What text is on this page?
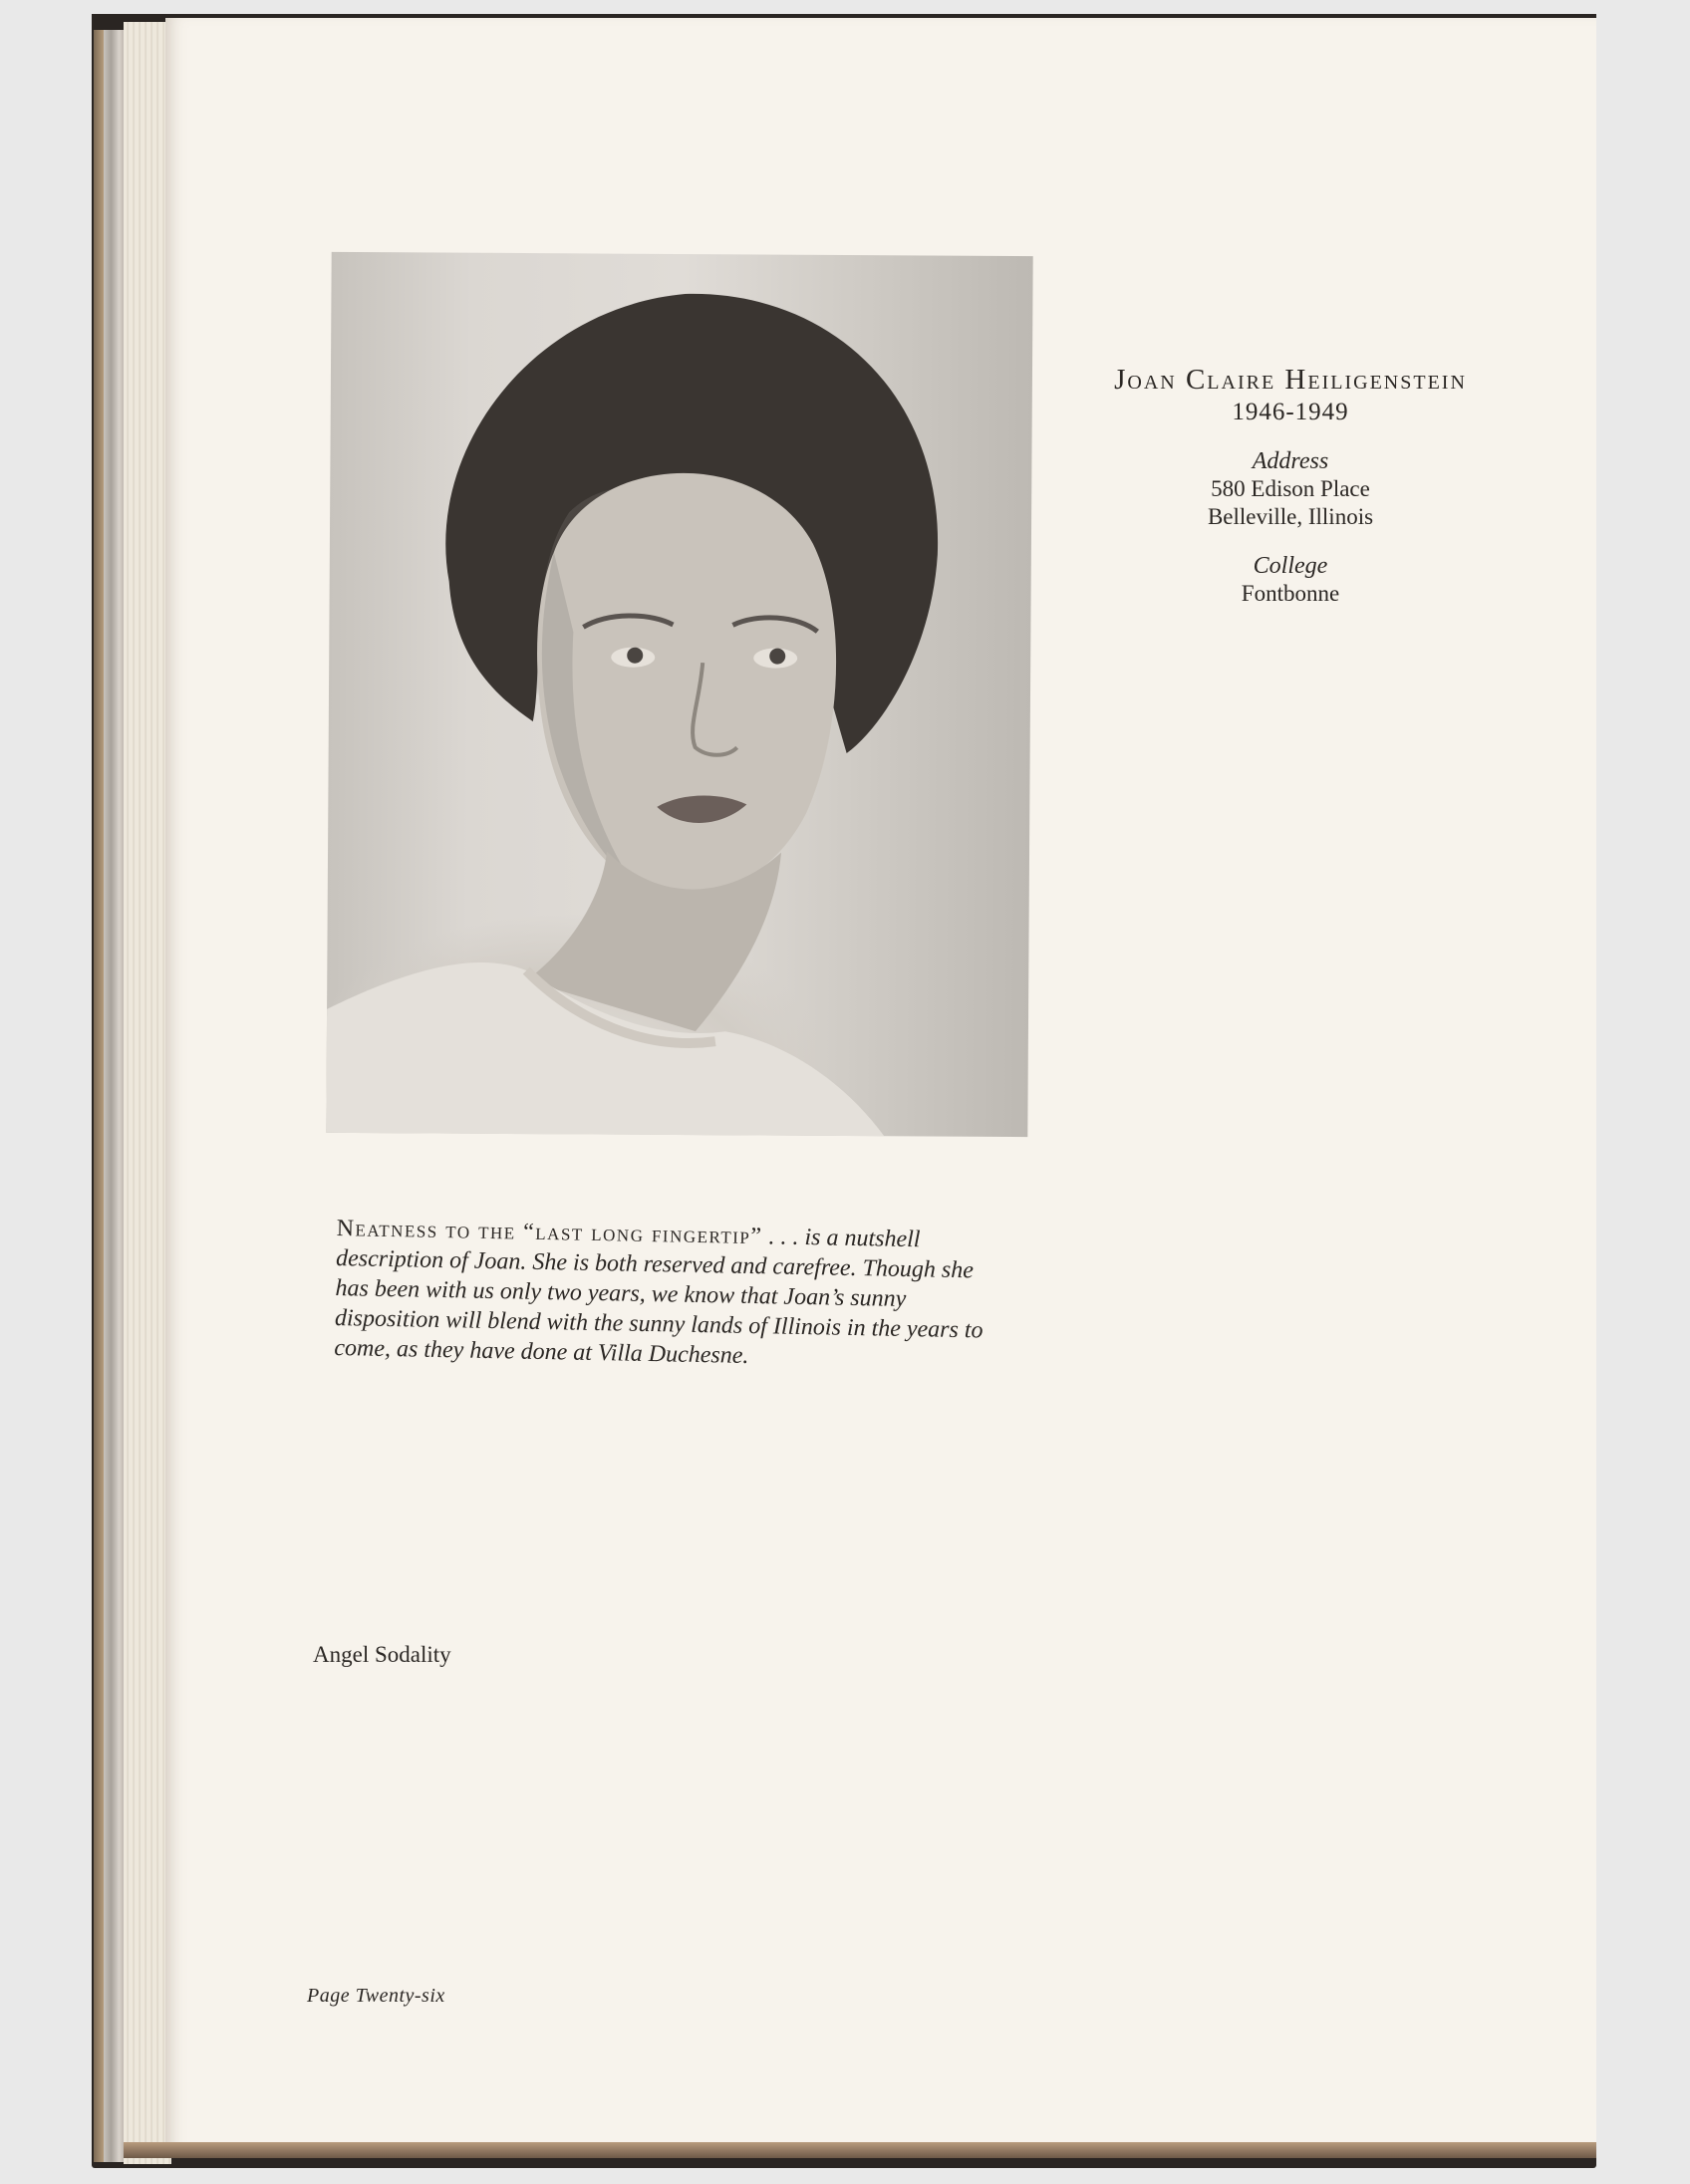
Joan Claire Heiligenstein
1946-1949
Address
580 Edison Place
Belleville, Illinois
College
Fontbonne
Neatness to the “last long fingertip” . . . is a nutshell description of Joan. She is both reserved and carefree. Though she has been with us only two years, we know that Joan’s sunny disposition will blend with the sunny lands of Illinois in the years to come, as they have done at Villa Duchesne.
Angel Sodality
Page Twenty-six
